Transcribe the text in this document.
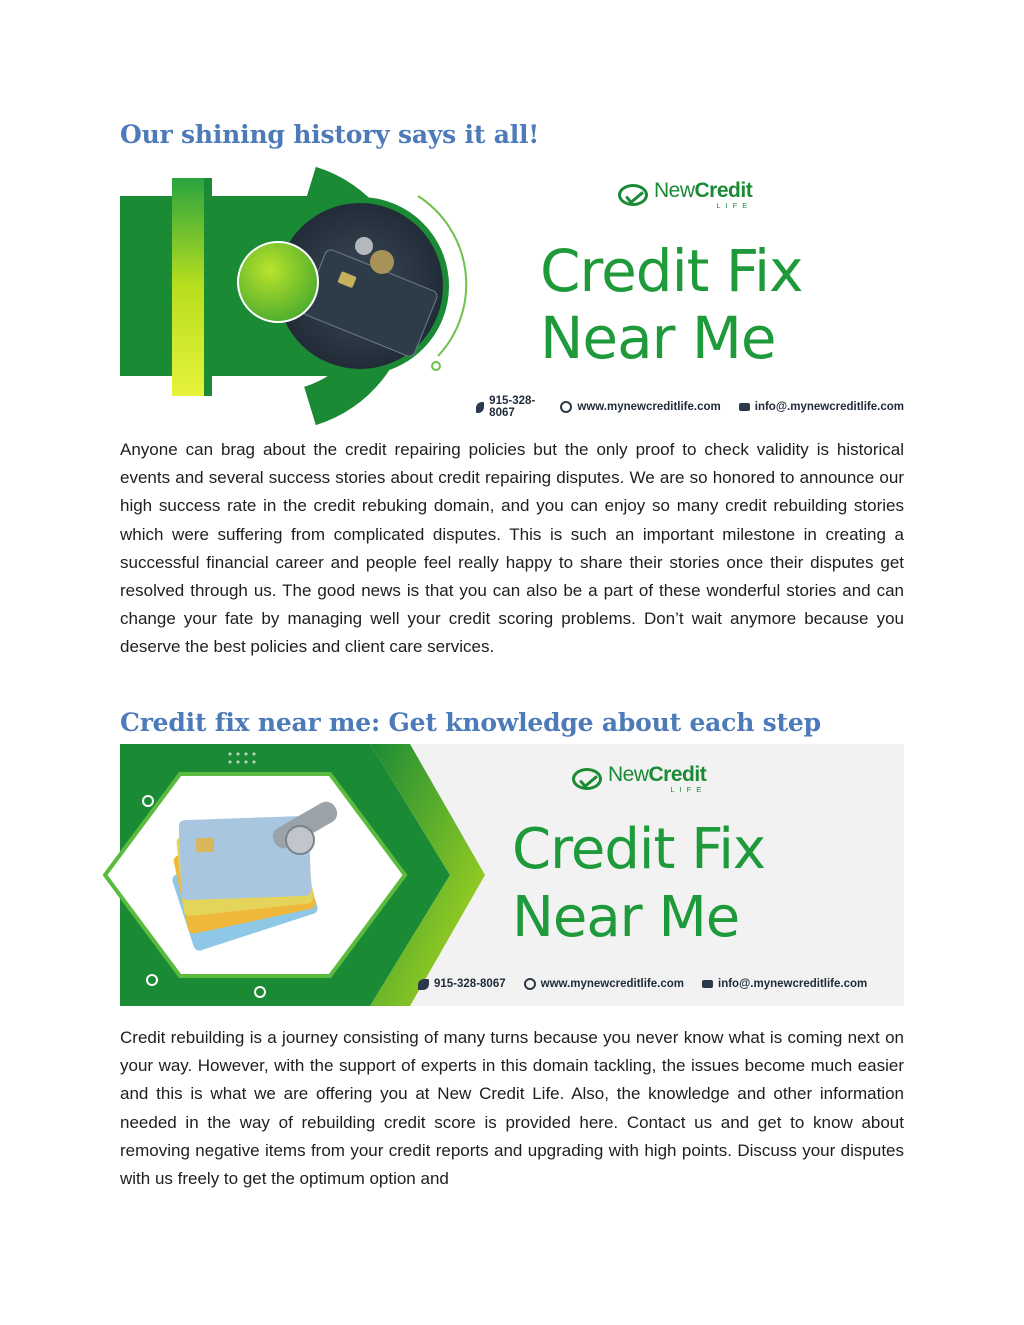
Our shining history says it all!
NewCredit
LIFE
Credit Fix
Near Me
915-328-8067	www.mynewcreditlife.com	info@.mynewcreditlife.com

Anyone can brag about the credit repairing policies but the only proof to check validity is historical events and several success stories about credit repairing disputes. We are so honored to announce our high success rate in the credit rebuking domain, and you can enjoy so many credit rebuilding stories which were suffering from complicated disputes. This is such an important milestone in creating a successful financial career and people feel really happy to share their stories once their disputes get resolved through us. The good news is that you can also be a part of these wonderful stories and can change your fate by managing well your credit scoring problems. Don’t wait anymore because you deserve the best policies and client care services.

Credit fix near me: Get knowledge about each step
NewCredit
LIFE
Credit Fix
Near Me
915-328-8067	www.mynewcreditlife.com	info@.mynewcreditlife.com

Credit rebuilding is a journey consisting of many turns because you never know what is coming next on your way. However, with the support of experts in this domain tackling, the issues become much easier and this is what we are offering you at New Credit Life. Also, the knowledge and other information needed in the way of rebuilding credit score is provided here. Contact us and get to know about removing negative items from your credit reports and upgrading with high points. Discuss your disputes with us freely to get the optimum option and
